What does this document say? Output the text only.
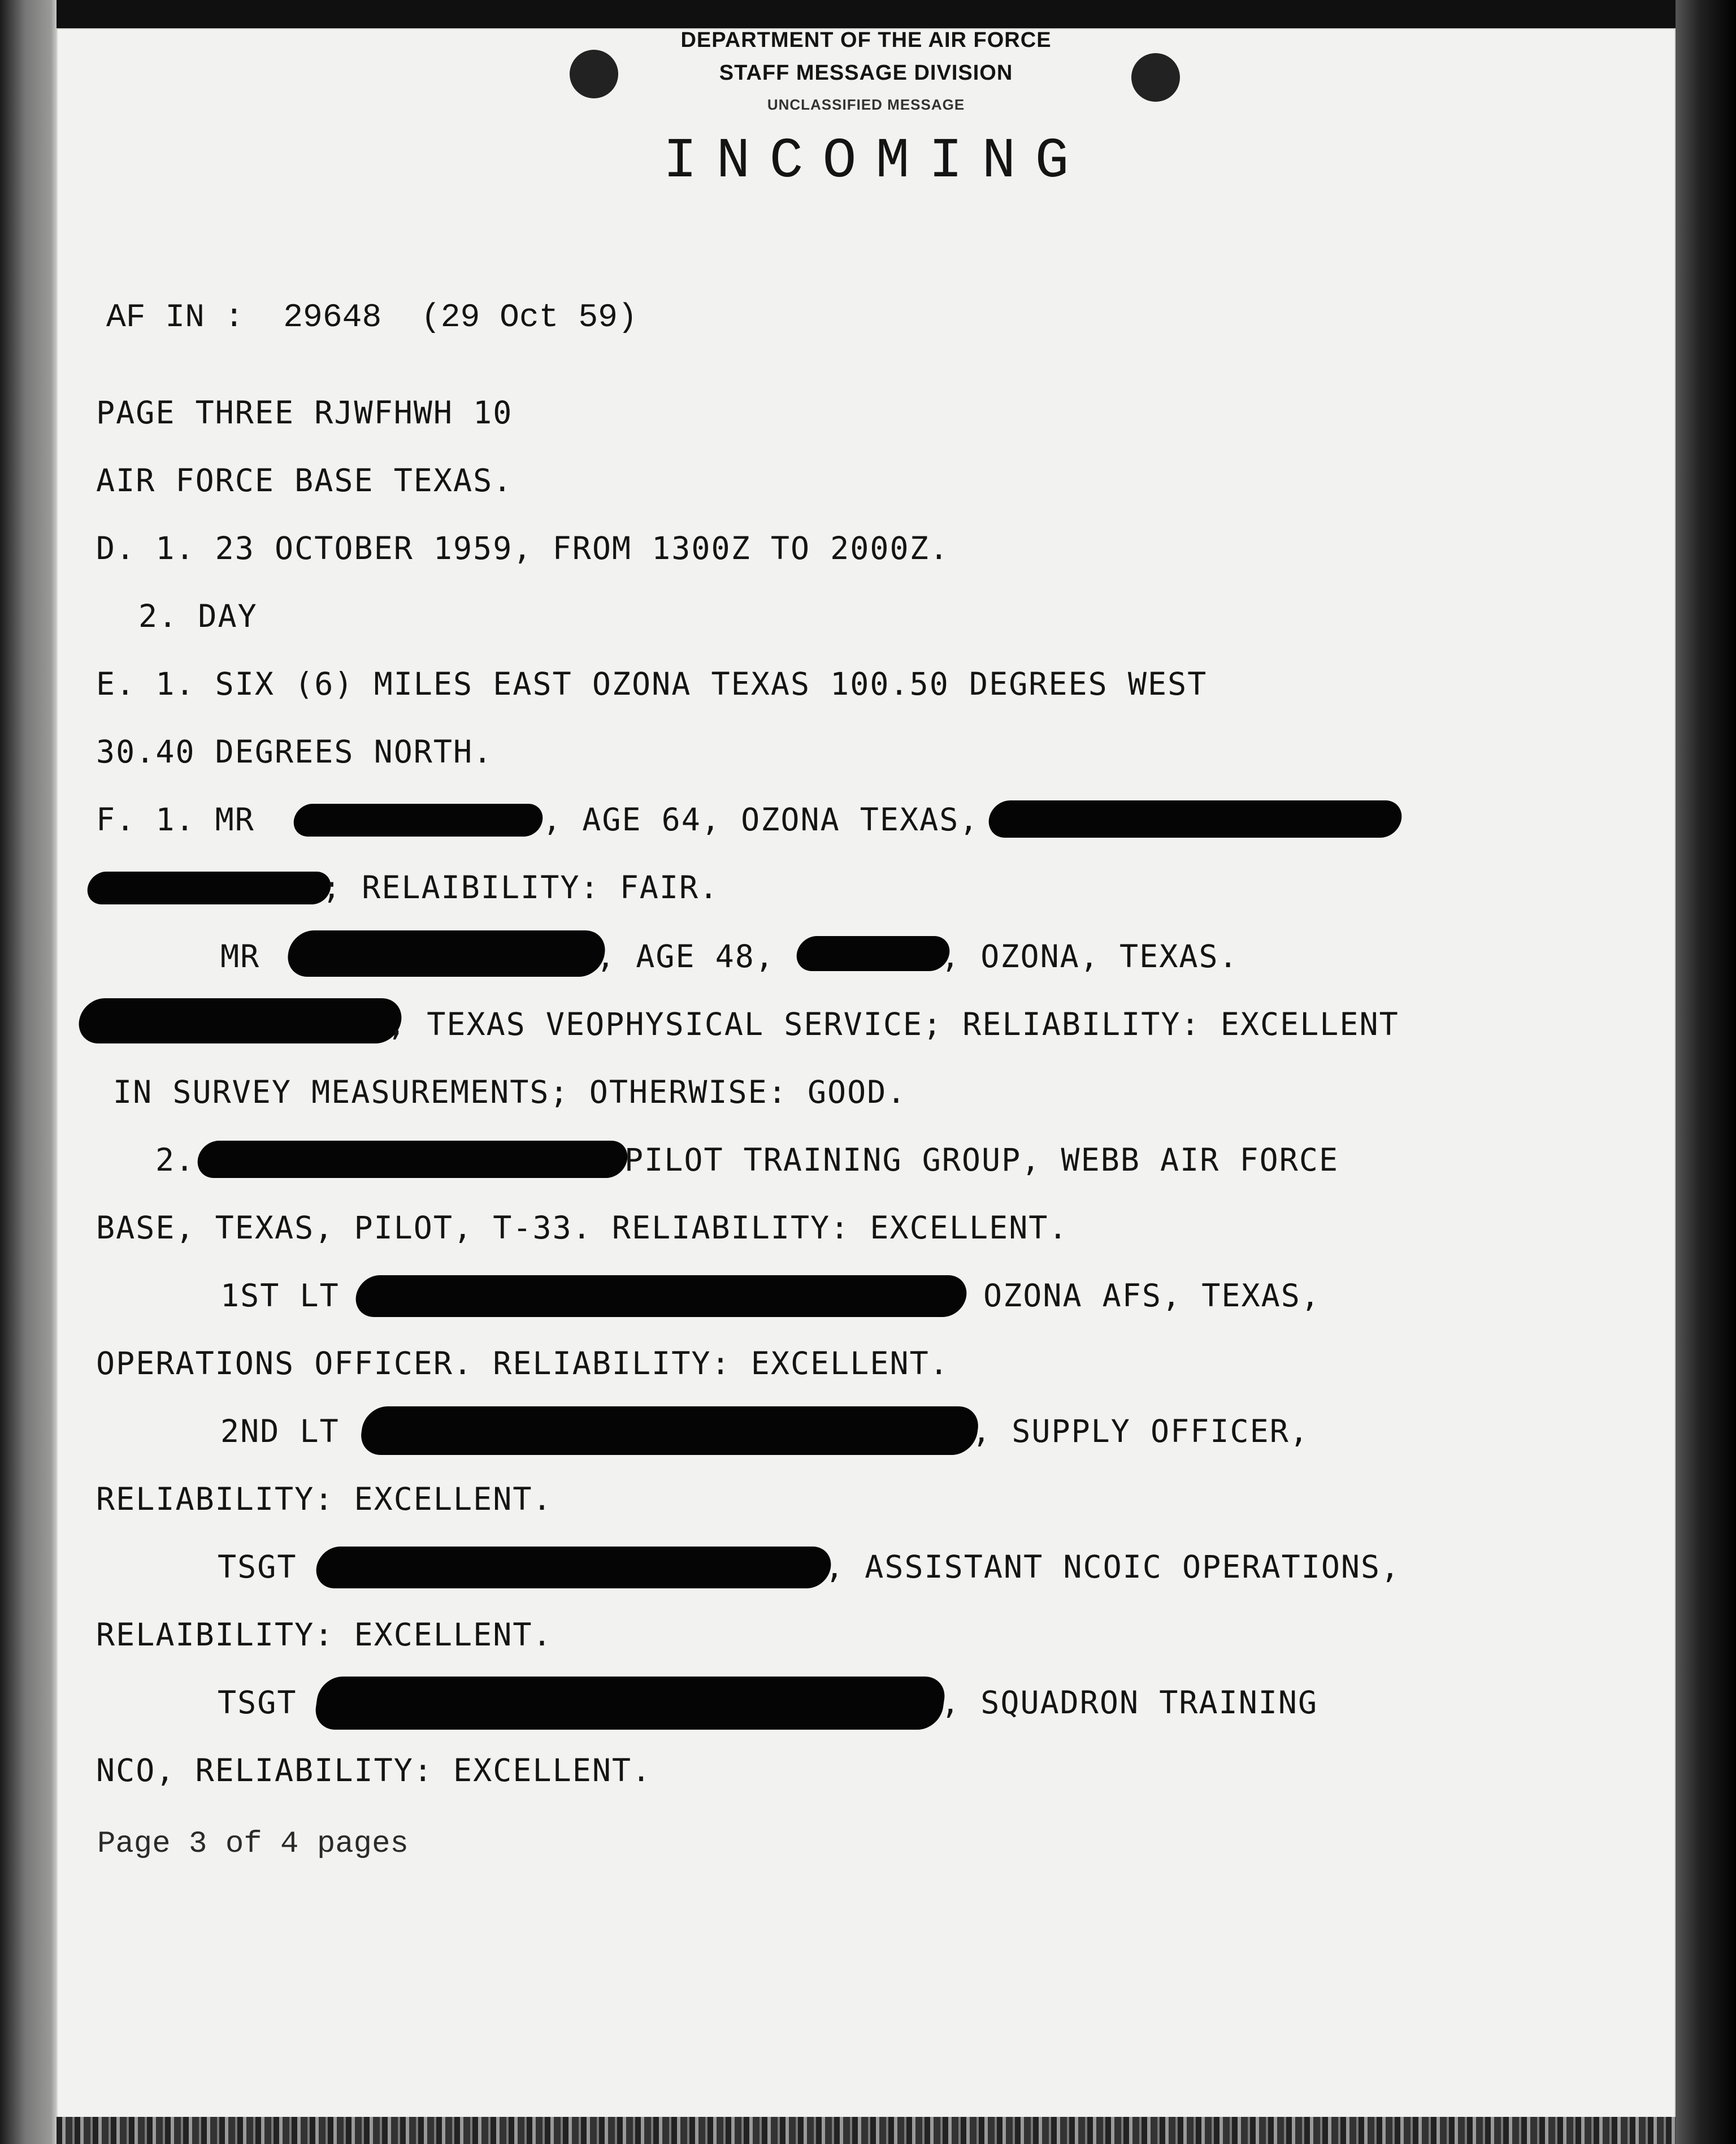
DEPARTMENT OF THE AIR FORCE
STAFF MESSAGE DIVISION
UNCLASSIFIED MESSAGE
INCOMING
AF IN :  29648  (29 Oct 59)
PAGE THREE RJWFHWH 10
AIR FORCE BASE TEXAS.
D. 1. 23 OCTOBER 1959, FROM 1300Z TO 2000Z.
2. DAY
E. 1. SIX (6) MILES EAST OZONA TEXAS 100.50 DEGREES WEST
30.40 DEGREES NORTH.
F. 1. MR	, AGE 64, OZONA TEXAS,
; RELAIBILITY: FAIR.
MR	, AGE 48,	, OZONA, TEXAS.
, TEXAS VEOPHYSICAL SERVICE; RELIABILITY: EXCELLENT
IN SURVEY MEASUREMENTS; OTHERWISE: GOOD.
2.	PILOT TRAINING GROUP, WEBB AIR FORCE
BASE, TEXAS, PILOT, T-33. RELIABILITY: EXCELLENT.
1ST LT	OZONA AFS, TEXAS,
OPERATIONS OFFICER. RELIABILITY: EXCELLENT.
2ND LT	, SUPPLY OFFICER,
RELIABILITY: EXCELLENT.
TSGT	, ASSISTANT NCOIC OPERATIONS,
RELAIBILITY: EXCELLENT.
TSGT	, SQUADRON TRAINING
NCO, RELIABILITY: EXCELLENT.
Page 3 of 4 pages
